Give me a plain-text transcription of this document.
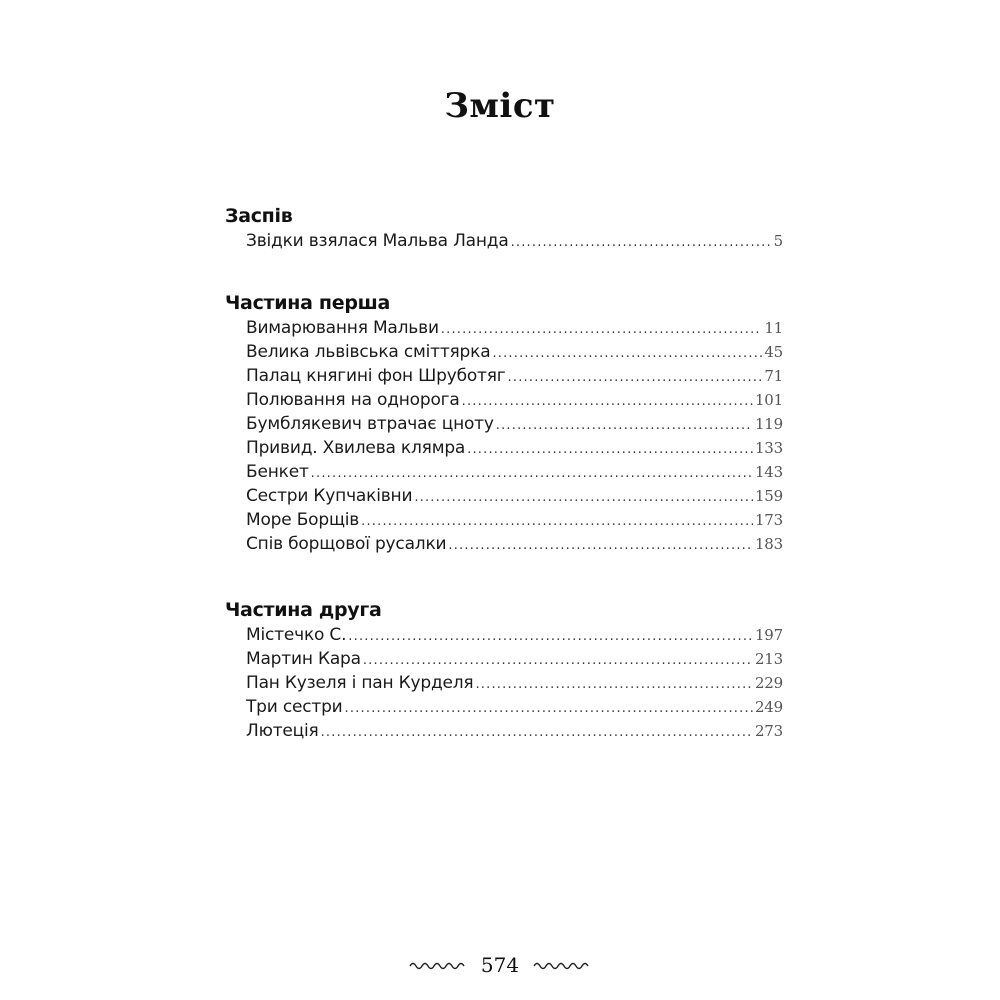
Зміст
Заспів
Звідки взялася Мальва Ланда .....	5
Частина перша
Вимарювання Мальви .....	11
Велика львівська сміттярка .....	45
Палац княгині фон Шруботяг .....	71
Полювання на однорога .....	101
Бумблякевич втрачає цноту .....	119
Привид. Хвилева клямра .....	133
Бенкет .....	143
Сестри Купчаківни .....	159
Море Борщів .....	173
Спів борщової русалки .....	183
Частина друга
Містечко С. .....	197
Мартин Кара .....	213
Пан Кузеля і пан Курделя .....	229
Три сестри .....	249
Лютеція .....	273
574
